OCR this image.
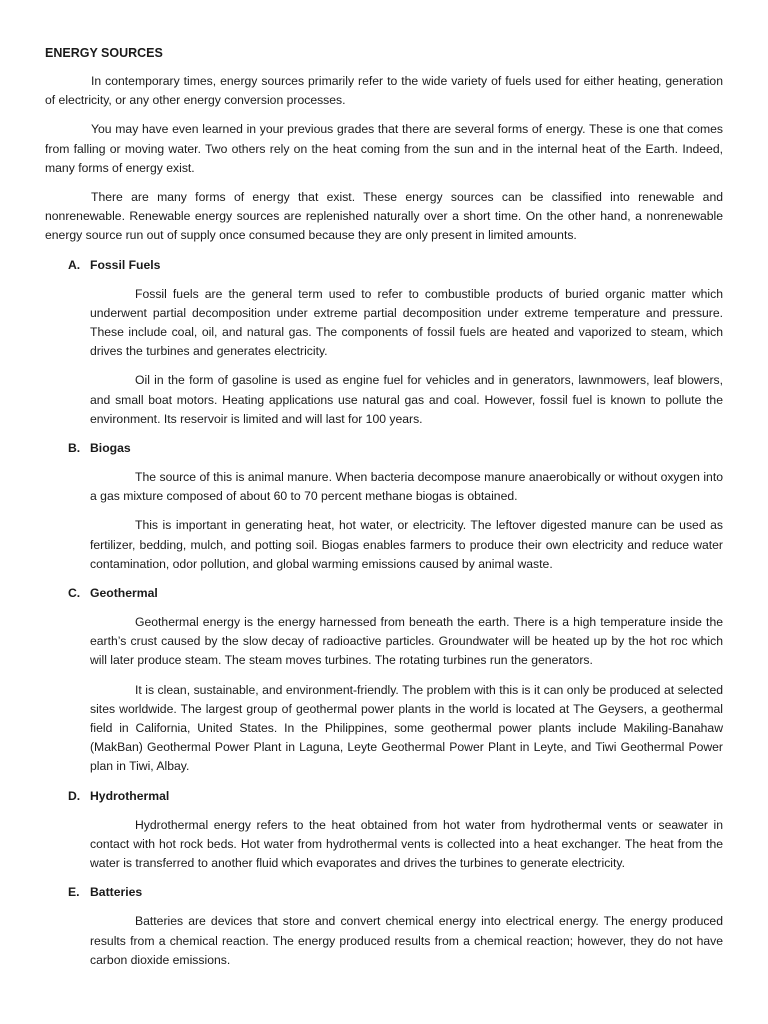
ENERGY SOURCES

In contemporary times, energy sources primarily refer to the wide variety of fuels used for either heating, generation of electricity, or any other energy conversion processes.

You may have even learned in your previous grades that there are several forms of energy. These is one that comes from falling or moving water. Two others rely on the heat coming from the sun and in the internal heat of the Earth. Indeed, many forms of energy exist.

There are many forms of energy that exist. These energy sources can be classified into renewable and nonrenewable. Renewable energy sources are replenished naturally over a short time. On the other hand, a nonrenewable energy source run out of supply once consumed because they are only present in limited amounts.

A. Fossil Fuels

Fossil fuels are the general term used to refer to combustible products of buried organic matter which underwent partial decomposition under extreme partial decomposition under extreme temperature and pressure. These include coal, oil, and natural gas. The components of fossil fuels are heated and vaporized to steam, which drives the turbines and generates electricity.

Oil in the form of gasoline is used as engine fuel for vehicles and in generators, lawnmowers, leaf blowers, and small boat motors. Heating applications use natural gas and coal. However, fossil fuel is known to pollute the environment. Its reservoir is limited and will last for 100 years.

B. Biogas

The source of this is animal manure. When bacteria decompose manure anaerobically or without oxygen into a gas mixture composed of about 60 to 70 percent methane biogas is obtained.

This is important in generating heat, hot water, or electricity. The leftover digested manure can be used as fertilizer, bedding, mulch, and potting soil. Biogas enables farmers to produce their own electricity and reduce water contamination, odor pollution, and global warming emissions caused by animal waste.

C. Geothermal

Geothermal energy is the energy harnessed from beneath the earth. There is a high temperature inside the earth’s crust caused by the slow decay of radioactive particles. Groundwater will be heated up by the hot roc which will later produce steam. The steam moves turbines. The rotating turbines run the generators.

It is clean, sustainable, and environment-friendly. The problem with this is it can only be produced at selected sites worldwide. The largest group of geothermal power plants in the world is located at The Geysers, a geothermal field in California, United States. In the Philippines, some geothermal power plants include Makiling-Banahaw (MakBan) Geothermal Power Plant in Laguna, Leyte Geothermal Power Plant in Leyte, and Tiwi Geothermal Power plan in Tiwi, Albay.

D. Hydrothermal

Hydrothermal energy refers to the heat obtained from hot water from hydrothermal vents or seawater in contact with hot rock beds. Hot water from hydrothermal vents is collected into a heat exchanger. The heat from the water is transferred to another fluid which evaporates and drives the turbines to generate electricity.

E. Batteries

Batteries are devices that store and convert chemical energy into electrical energy. The energy produced results from a chemical reaction. The energy produced results from a chemical reaction; however, they do not have carbon dioxide emissions.
